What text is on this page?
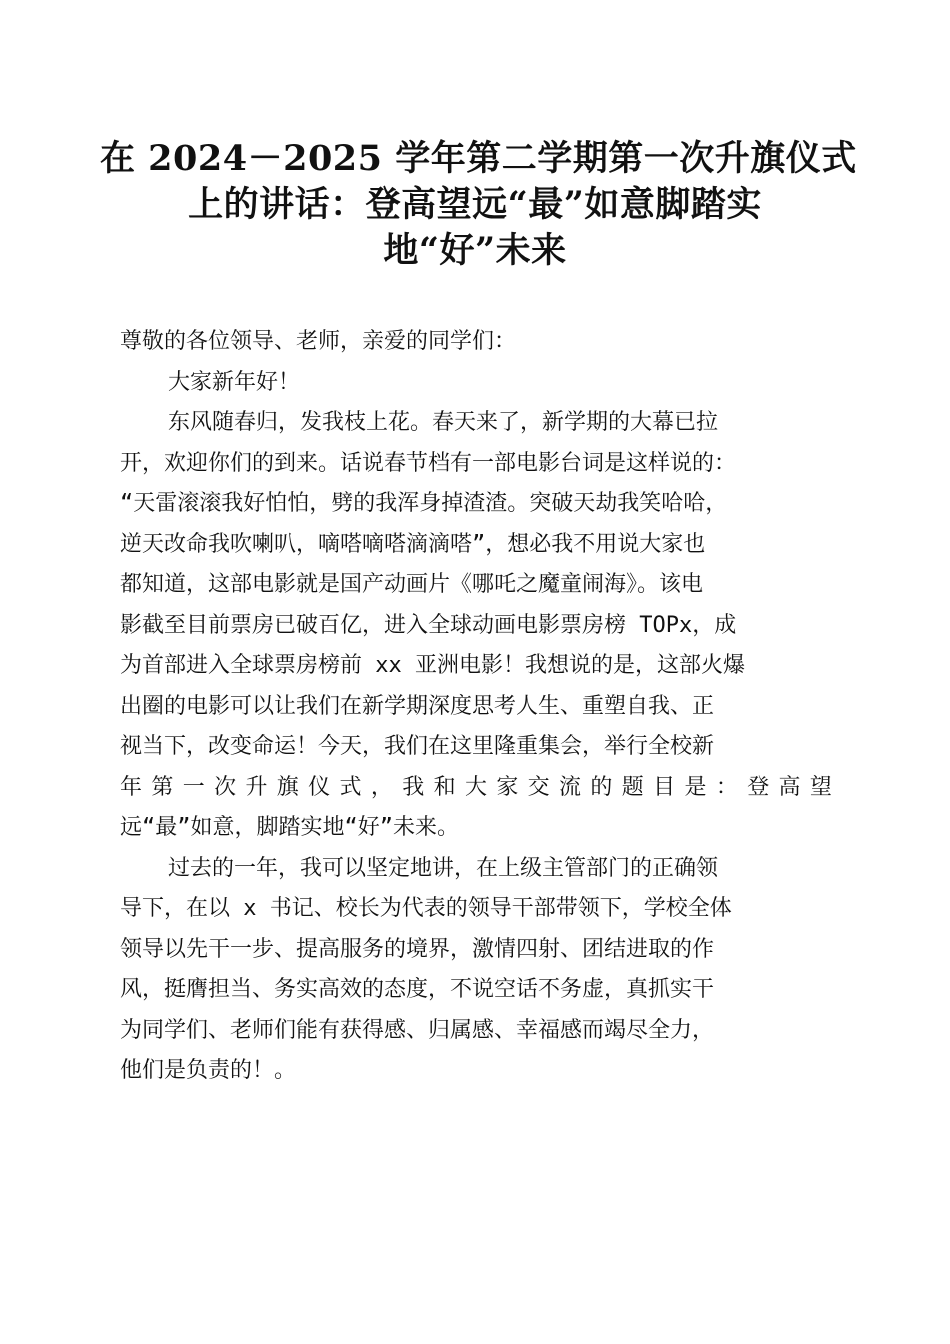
在 2024－2025 学年第二学期第一次升旗仪式
上的讲话：登高望远“最”如意脚踏实
地“好”未来
尊敬的各位领导、老师，亲爱的同学们：
大家新年好！
东风随春归，发我枝上花。春天来了，新学期的大幕已拉
开，欢迎你们的到来。话说春节档有一部电影台词是这样说的：
“天雷滚滚我好怕怕，劈的我浑身掉渣渣。突破天劫我笑哈哈，
逆天改命我吹喇叭，嘀嗒嘀嗒滴滴嗒”，想必我不用说大家也
都知道，这部电影就是国产动画片《哪吒之魔童闹海》。该电
影截至目前票房已破百亿，进入全球动画电影票房榜 TOPx，成
为首部进入全球票房榜前 xx 亚洲电影！我想说的是，这部火爆
出圈的电影可以让我们在新学期深度思考人生、重塑自我、正
视当下，改变命运！今天，我们在这里隆重集会，举行全校新
年 第 一 次 升 旗 仪 式 ， 我 和 大 家 交 流 的 题 目 是 ： 登 高 望
远“最”如意，脚踏实地“好”未来。
过去的一年，我可以坚定地讲，在上级主管部门的正确领
导下，在以 x 书记、校长为代表的领导干部带领下，学校全体
领导以先干一步、提高服务的境界，激情四射、团结进取的作
风，挺膺担当、务实高效的态度，不说空话不务虚，真抓实干
为同学们、老师们能有获得感、归属感、幸福感而竭尽全力，
他们是负责的！。
